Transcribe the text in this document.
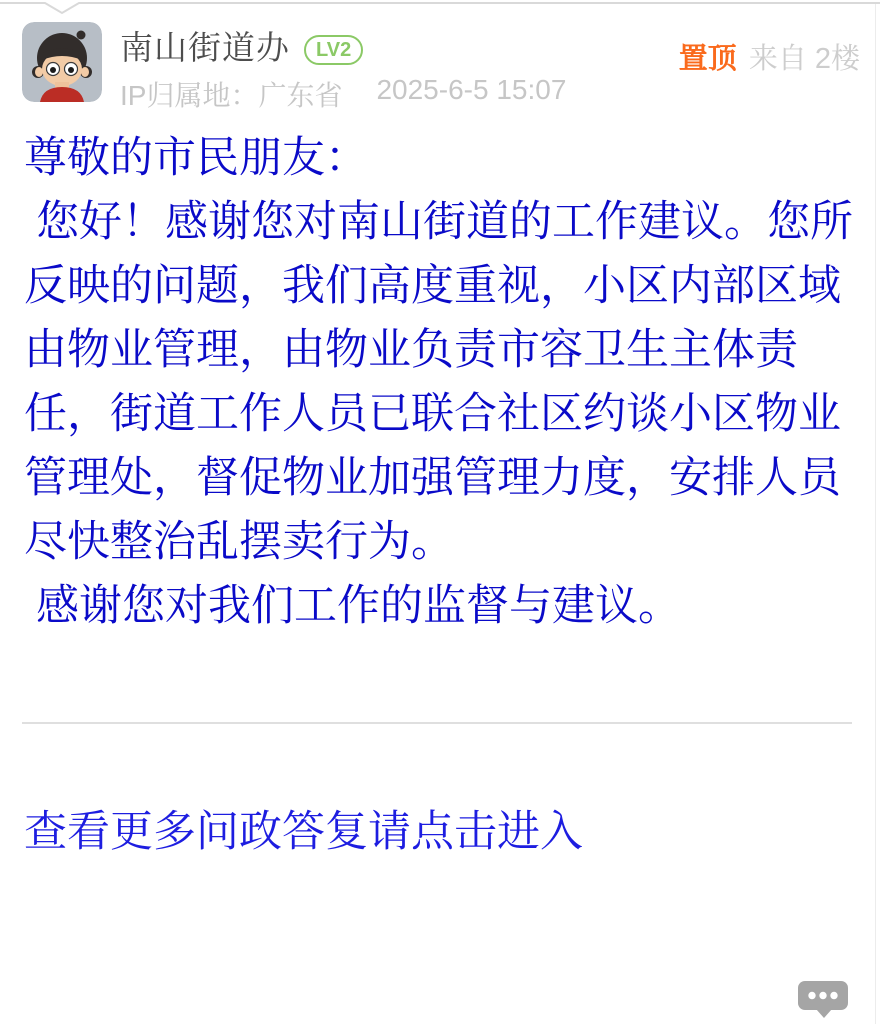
南山街道办	LV2	置顶 来自 2楼
IP归属地：广东省 2025-6-5 15:07

尊敬的市民朋友：

您好！感谢您对南山街道的工作建议。您所反映的问题，我们高度重视，小区内部区域由物业管理，由物业负责市容卫生主体责任，街道工作人员已联合社区约谈小区物业管理处，督促物业加强管理力度，安排人员尽快整治乱摆卖行为。

感谢您对我们工作的监督与建议。

查看更多问政答复请点击进入
